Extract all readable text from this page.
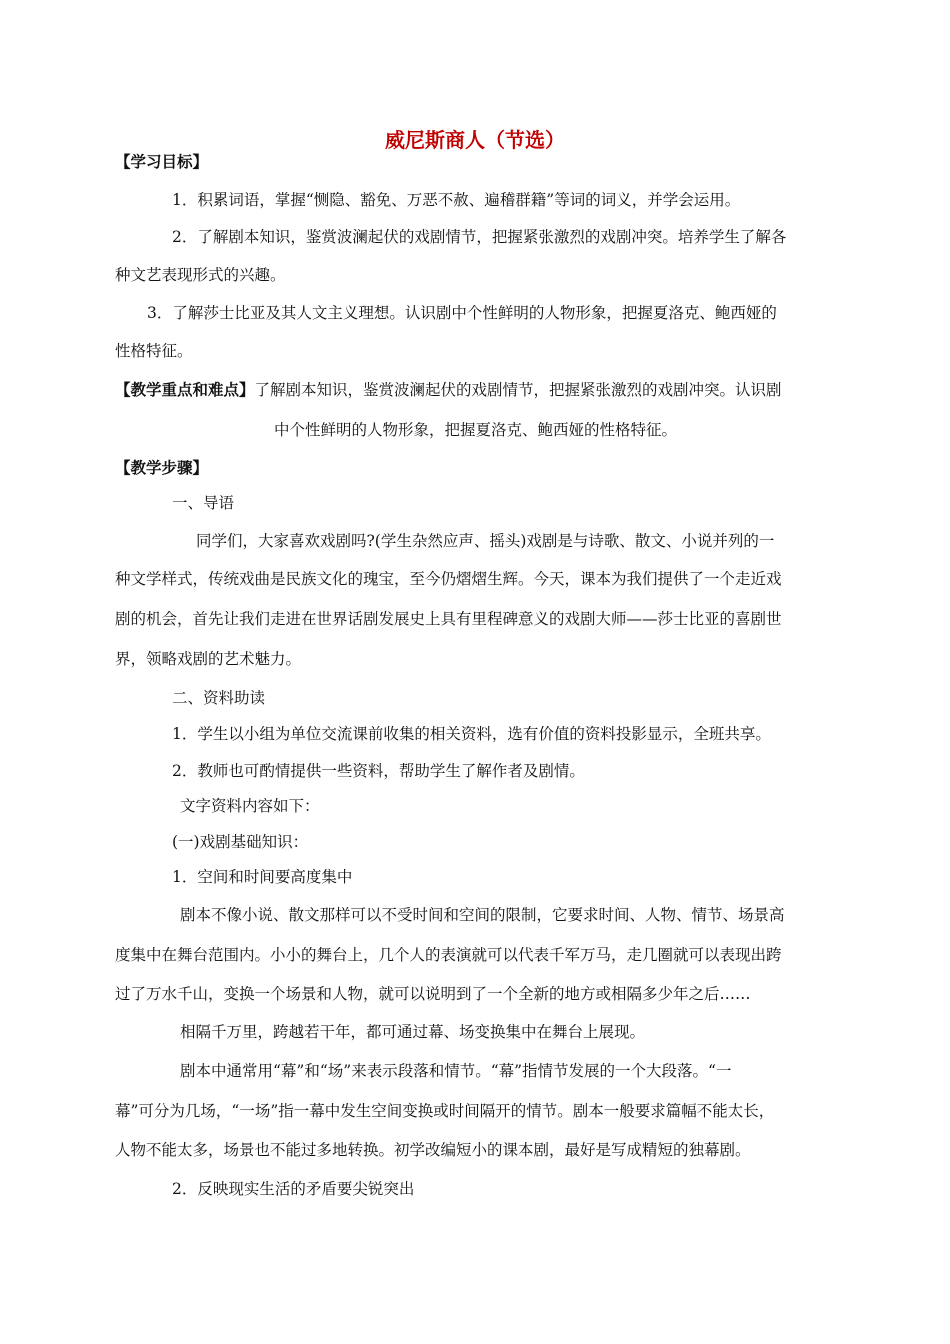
威尼斯商人（节选）
【学习目标】
1．积累词语，掌握“恻隐、豁免、万恶不赦、遍稽群籍”等词的词义，并学会运用。
2．了解剧本知识，鉴赏波澜起伏的戏剧情节，把握紧张激烈的戏剧冲突。培养学生了解各
种文艺表现形式的兴趣。
3．了解莎士比亚及其人文主义理想。认识剧中个性鲜明的人物形象，把握夏洛克、鲍西娅的
性格特征。
【教学重点和难点】了解剧本知识，鉴赏波澜起伏的戏剧情节，把握紧张激烈的戏剧冲突。认识剧
中个性鲜明的人物形象，把握夏洛克、鲍西娅的性格特征。
【教学步骤】
一、导语
同学们，大家喜欢戏剧吗?(学生杂然应声、摇头)戏剧是与诗歌、散文、小说并列的一
种文学样式，传统戏曲是民族文化的瑰宝，至今仍熠熠生辉。今天，课本为我们提供了一个走近戏
剧的机会，首先让我们走进在世界话剧发展史上具有里程碑意义的戏剧大师——莎士比亚的喜剧世
界，领略戏剧的艺术魅力。
二、资料助读
1．学生以小组为单位交流课前收集的相关资料，选有价值的资料投影显示，全班共享。
2．教师也可酌情提供一些资料，帮助学生了解作者及剧情。
文字资料内容如下：
(一)戏剧基础知识：
1．空间和时间要高度集中
剧本不像小说、散文那样可以不受时间和空间的限制，它要求时间、人物、情节、场景高
度集中在舞台范围内。小小的舞台上，几个人的表演就可以代表千军万马，走几圈就可以表现出跨
过了万水千山，变换一个场景和人物，就可以说明到了一个全新的地方或相隔多少年之后……
相隔千万里，跨越若干年，都可通过幕、场变换集中在舞台上展现。
剧本中通常用“幕”和“场”来表示段落和情节。“幕”指情节发展的一个大段落。“一
幕”可分为几场，“一场”指一幕中发生空间变换或时间隔开的情节。剧本一般要求篇幅不能太长，
人物不能太多，场景也不能过多地转换。初学改编短小的课本剧，最好是写成精短的独幕剧。
2．反映现实生活的矛盾要尖锐突出
